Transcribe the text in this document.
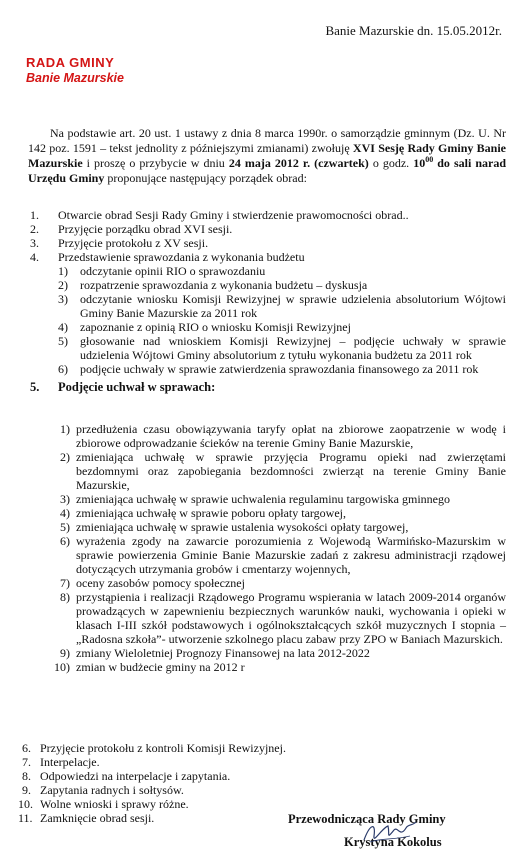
Banie Mazurskie dn. 15.05.2012r.
RADA GMINY
Banie Mazurskie
Na podstawie art. 20 ust. 1 ustawy z dnia 8 marca 1990r. o samorządzie gminnym (Dz. U. Nr 142 poz. 1591 – tekst jednolity z późniejszymi zmianami) zwołuję XVI Sesję Rady Gminy Banie Mazurskie i proszę o przybycie w dniu 24 maja 2012 r. (czwartek) o godz. $10^{00}$ do sali narad Urzędu Gminy proponujące następujący porządek obrad:
1. Otwarcie obrad Sesji Rady Gminy i stwierdzenie prawomocności obrad..
2. Przyjęcie porządku obrad XVI sesji.
3. Przyjęcie protokołu z XV sesji.
4. Przedstawienie sprawozdania z wykonania budżetu
1) odczytanie opinii RIO o sprawozdaniu
2) rozpatrzenie sprawozdania z wykonania budżetu – dyskusja
3) odczytanie wniosku Komisji Rewizyjnej w sprawie udzielenia absolutorium Wójtowi Gminy Banie Mazurskie za 2011 rok
4) zapoznanie z opinią RIO o wniosku Komisji Rewizyjnej
5) głosowanie nad wnioskiem Komisji Rewizyjnej – podjęcie uchwały w sprawie udzielenia Wójtowi Gminy absolutorium z tytułu wykonania budżetu za 2011 rok
6) podjęcie uchwały w sprawie zatwierdzenia sprawozdania finansowego za 2011 rok
5. Podjęcie uchwał w sprawach:
1) przedłużenia czasu obowiązywania taryfy opłat na zbiorowe zaopatrzenie w wodę i zbiorowe odprowadzanie ścieków na terenie Gminy Banie Mazurskie,
2) zmieniająca uchwałę w sprawie przyjęcia Programu opieki nad zwierzętami bezdomnymi oraz zapobiegania bezdomności zwierząt na terenie Gminy Banie Mazurskie,
3) zmieniająca uchwałę w sprawie uchwalenia regulaminu targowiska gminnego
4) zmieniająca uchwałę w sprawie poboru opłaty targowej,
5) zmieniająca uchwałę w sprawie ustalenia wysokości opłaty targowej,
6) wyrażenia zgody na zawarcie porozumienia z Wojewodą Warmińsko-Mazurskim w sprawie powierzenia Gminie Banie Mazurskie zadań z zakresu administracji rządowej dotyczących utrzymania grobów i cmentarzy wojennych,
7) oceny zasobów pomocy społecznej
8) przystąpienia i realizacji Rządowego Programu wspierania w latach 2009-2014 organów prowadzących w zapewnieniu bezpiecznych warunków nauki, wychowania i opieki w klasach I-III szkół podstawowych i ogólnokształcących szkół muzycznych I stopnia –„Radosna szkoła”- utworzenie szkolnego placu zabaw przy ZPO w Baniach Mazurskich.
9) zmiany Wieloletniej Prognozy Finansowej na lata 2012-2022
10) zmian w budżecie gminy na 2012 r
6. Przyjęcie protokołu z kontroli Komisji Rewizyjnej.
7. Interpelacje.
8. Odpowiedzi na interpelacje i zapytania.
9. Zapytania radnych i sołtysów.
10. Wolne wnioski i sprawy różne.
11. Zamknięcie obrad sesji.	Przewodnicząca Rady Gminy
Krystyna Kokolus
